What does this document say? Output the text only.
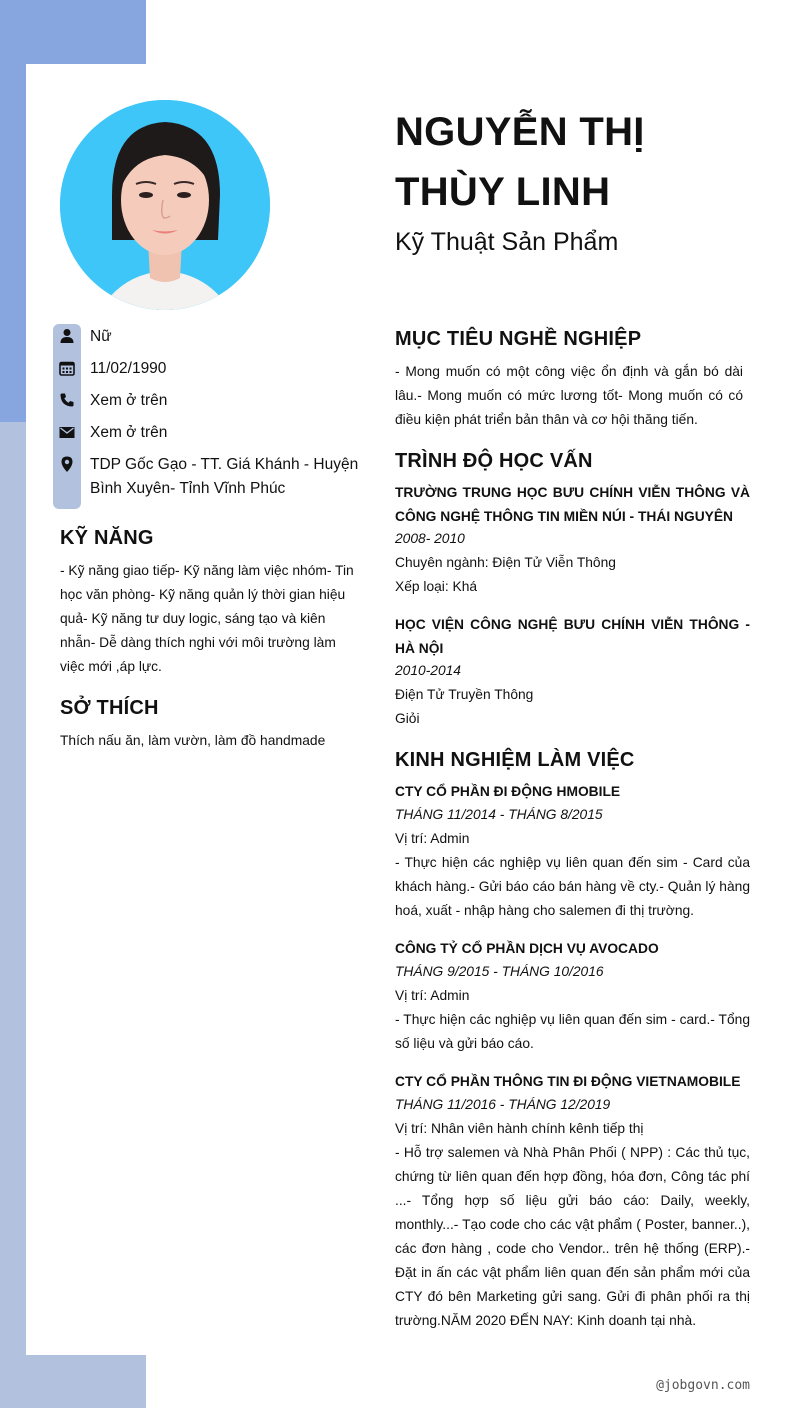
NGUYỄN THỊ
THÙY LINH
Kỹ Thuật Sản Phẩm
Nữ
11/02/1990
Xem ở trên
Xem ở trên
TDP Gốc Gạo - TT. Giá Khánh - Huyện Bình Xuyên- Tỉnh Vĩnh Phúc
KỸ NĂNG
- Kỹ năng giao tiếp- Kỹ năng làm việc nhóm- Tin học văn phòng- Kỹ năng quản lý thời gian hiệu quả- Kỹ năng tư duy logic, sáng tạo và kiên nhẫn- Dễ dàng thích nghi với môi trường làm việc mới ,áp lực.
SỞ THÍCH
Thích nấu ăn, làm vườn, làm đồ handmade
MỤC TIÊU NGHỀ NGHIỆP
- Mong muốn có một công việc ổn định và gắn bó dài lâu.- Mong muốn có mức lương tốt- Mong muốn có có điều kiện phát triển bản thân và cơ hội thăng tiến.
TRÌNH ĐỘ HỌC VẤN
TRƯỜNG TRUNG HỌC BƯU CHÍNH VIỄN THÔNG VÀ CÔNG NGHỆ THÔNG TIN MIỀN NÚI - THÁI NGUYÊN
2008- 2010
Chuyên ngành: Điện Tử Viễn Thông
Xếp loại: Khá
HỌC VIỆN CÔNG NGHỆ BƯU CHÍNH VIỄN THÔNG - HÀ NỘI
2010-2014
Điện Tử Truyền Thông
Giỏi
KINH NGHIỆM LÀM VIỆC
CTY CỔ PHẦN ĐI ĐỘNG HMOBILE
THÁNG 11/2014 - THÁNG 8/2015
Vị trí: Admin
- Thực hiện các nghiệp vụ liên quan đến sim - Card của khách hàng.- Gửi báo cáo bán hàng về cty.- Quản lý hàng hoá, xuất - nhập hàng cho salemen đi thị trường.
CÔNG TỶ CỔ PHẦN DỊCH VỤ AVOCADO
THÁNG 9/2015 - THÁNG 10/2016
Vị trí: Admin
- Thực hiện các nghiệp vụ liên quan đến sim - card.- Tổng số liệu và gửi báo cáo.
CTY CỔ PHẦN THÔNG TIN ĐI ĐỘNG VIETNAMOBILE
THÁNG 11/2016 - THÁNG 12/2019
Vị trí: Nhân viên hành chính kênh tiếp thị
- Hỗ trợ salemen và Nhà Phân Phối ( NPP) : Các thủ tục, chứng từ liên quan đến hợp đồng, hóa đơn, Công tác phí ...- Tổng hợp số liệu gửi báo cáo: Daily, weekly, monthly...- Tạo code cho các vật phẩm ( Poster, banner..), các đơn hàng , code cho Vendor.. trên hệ thống (ERP).- Đặt in ấn các vật phẩm liên quan đến sản phẩm mới của CTY đó bên Marketing gửi sang. Gửi đi phân phối ra thị trường.NĂM 2020 ĐẾN NAY: Kinh doanh tại nhà.
@jobgovn.com
